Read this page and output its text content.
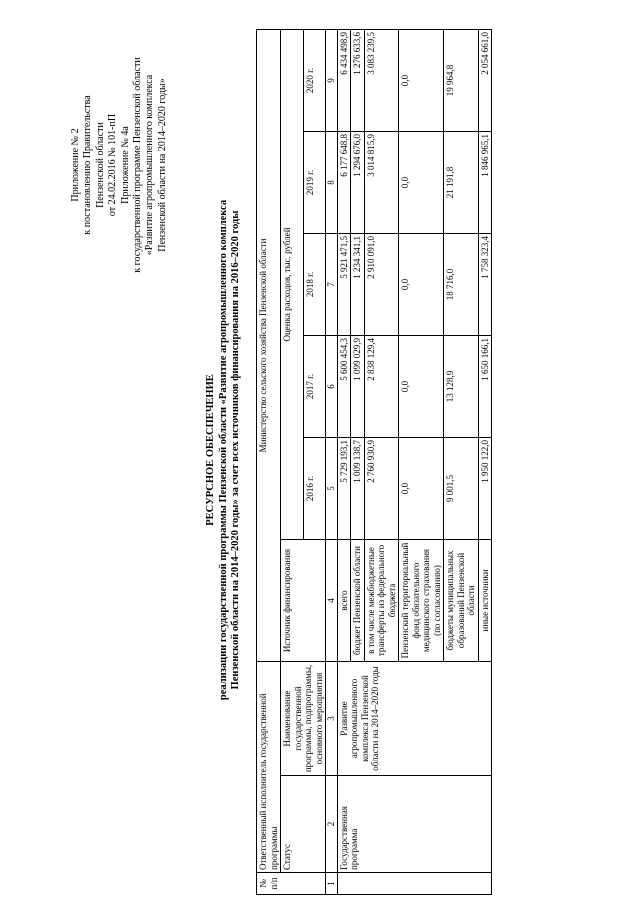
Приложение № 2 к постановлению Правительства Пензенской области от 24.02.2016 № 101-пП Приложение № 4а к государственной программе Пензенской области «Развитие агропромышленного комплекса Пензенской области на 2014–2020 годы»
РЕСУРСНОЕ ОБЕСПЕЧЕНИЕ реализации государственной программы Пензенской области «Развитие агропромышленного комплекса Пензенской области на 2014–2020 годы» за счет всех источников финансирования на 2016–2020 годы
№ п/п	Ответственный исполнитель государственной программы		Министерство сельского хозяйства Пензенской области					
	Статус	Наименование государственной программы, подпрограммы, основного мероприятия	Источник финансирования	Оценка расходов, тыс. рублей				
				2016 г.	2017 г.	2018 г.	2019 г.	2020 г.
1	2	3	4	5	6	7	8	9
	Государственная программа	Развитие агропромышленного комплекса Пензенской области на 2014–2020 годы	всего	5 729 193,1	5 600 454,3	5 921 471,5	6 177 648,8	6 434 498,9
			бюджет Пензенской области	1 009 138,7	1 099 029,9	1 234 341,1	1 294 676,0	1 276 633,6
			в том числе межбюджетные трансферты из федерального бюджета	2 760 930,9	2 838 129,4	2 910 091,0	3 014 815,9	3 083 239,5
			Пензенский территориальный фонд обязательного медицинского страхования (по согласованию)	0,0	0,0	0,0	0,0	0,0
			бюджеты муниципальных образований Пензенской области	9 001,5	13 128,9	18 716,0	21 191,8	19 964,8
			иные источники	1 950 122,0	1 650 166,1	1 758 323,4	1 846 965,1	2 054 661,0
